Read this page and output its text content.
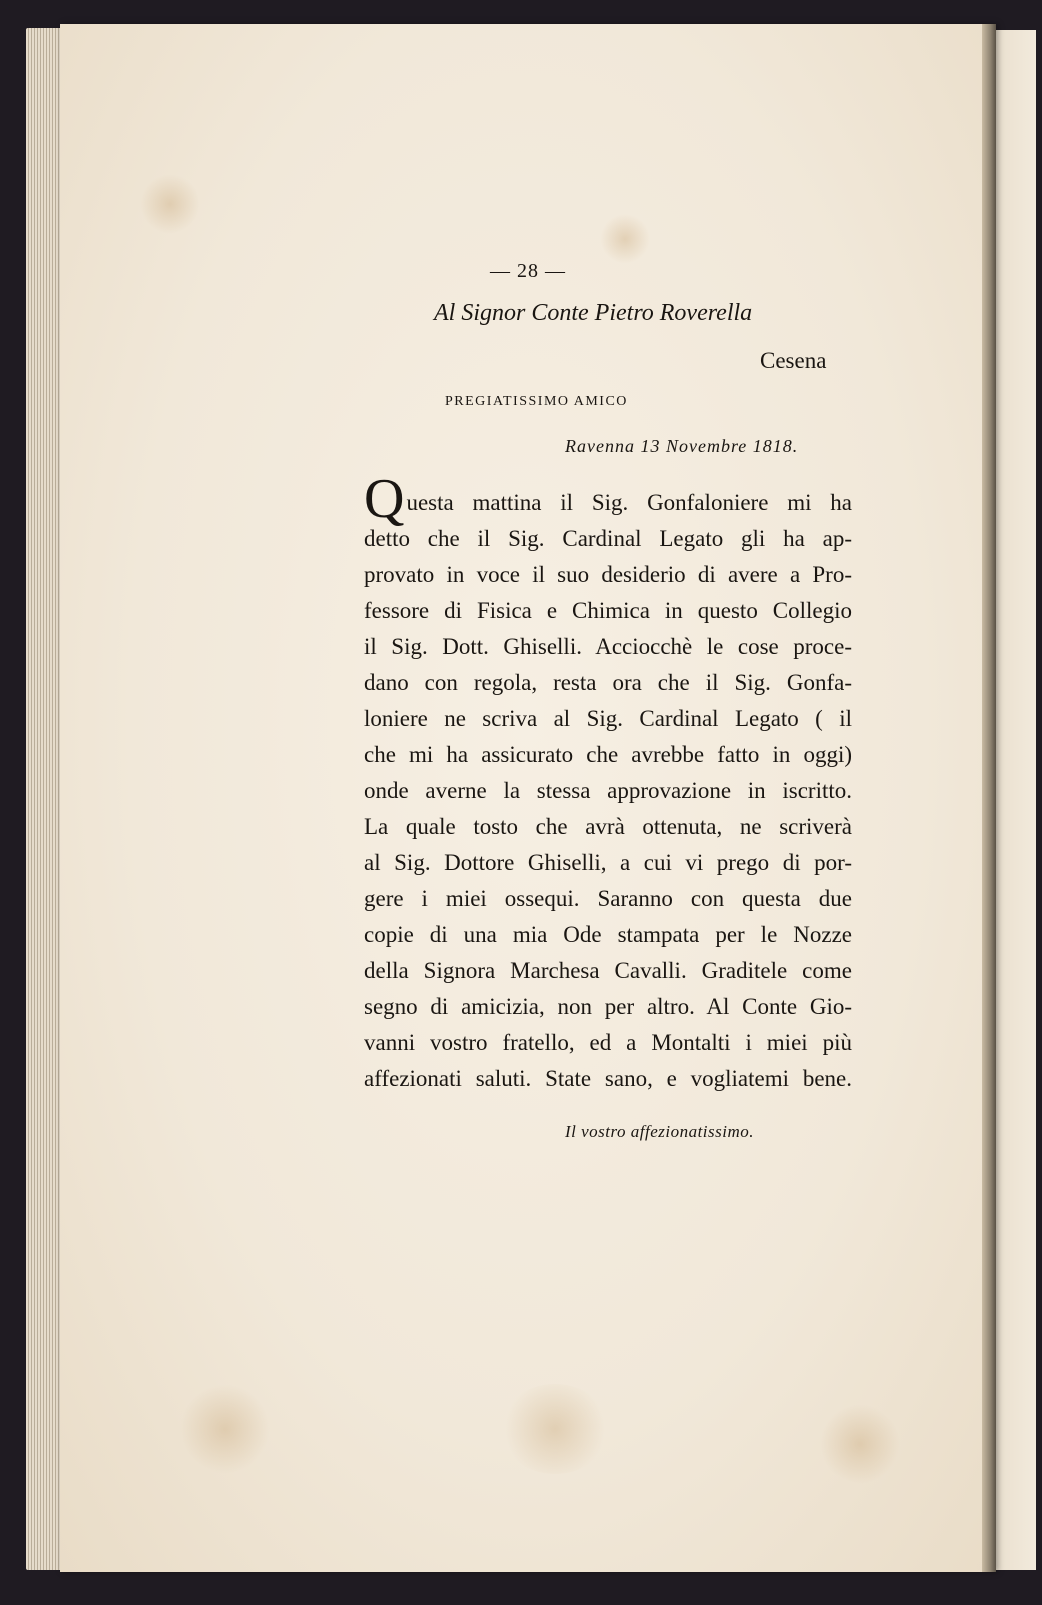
— 28 —
Al Signor Conte Pietro Roverella
Cesena
PREGIATISSIMO AMICO
Ravenna 13 Novembre 1818.
Questa mattina il Sig. Gonfaloniere mi ha
detto che il Sig. Cardinal Legato gli ha ap-
provato in voce il suo desiderio di avere a Pro-
fessore di Fisica e Chimica in questo Collegio
il Sig. Dott. Ghiselli. Acciocchè le cose proce-
dano con regola, resta ora che il Sig. Gonfa-
loniere ne scriva al Sig. Cardinal Legato ( il
che mi ha assicurato che avrebbe fatto in oggi)
onde averne la stessa approvazione in iscritto.
La quale tosto che avrà ottenuta, ne scriverà
al Sig. Dottore Ghiselli, a cui vi prego di por-
gere i miei ossequi. Saranno con questa due
copie di una mia Ode stampata per le Nozze
della Signora Marchesa Cavalli. Graditele come
segno di amicizia, non per altro. Al Conte Gio-
vanni vostro fratello, ed a Montalti i miei più
affezionati saluti. State sano, e vogliatemi bene.
Il vostro affezionatissimo.
